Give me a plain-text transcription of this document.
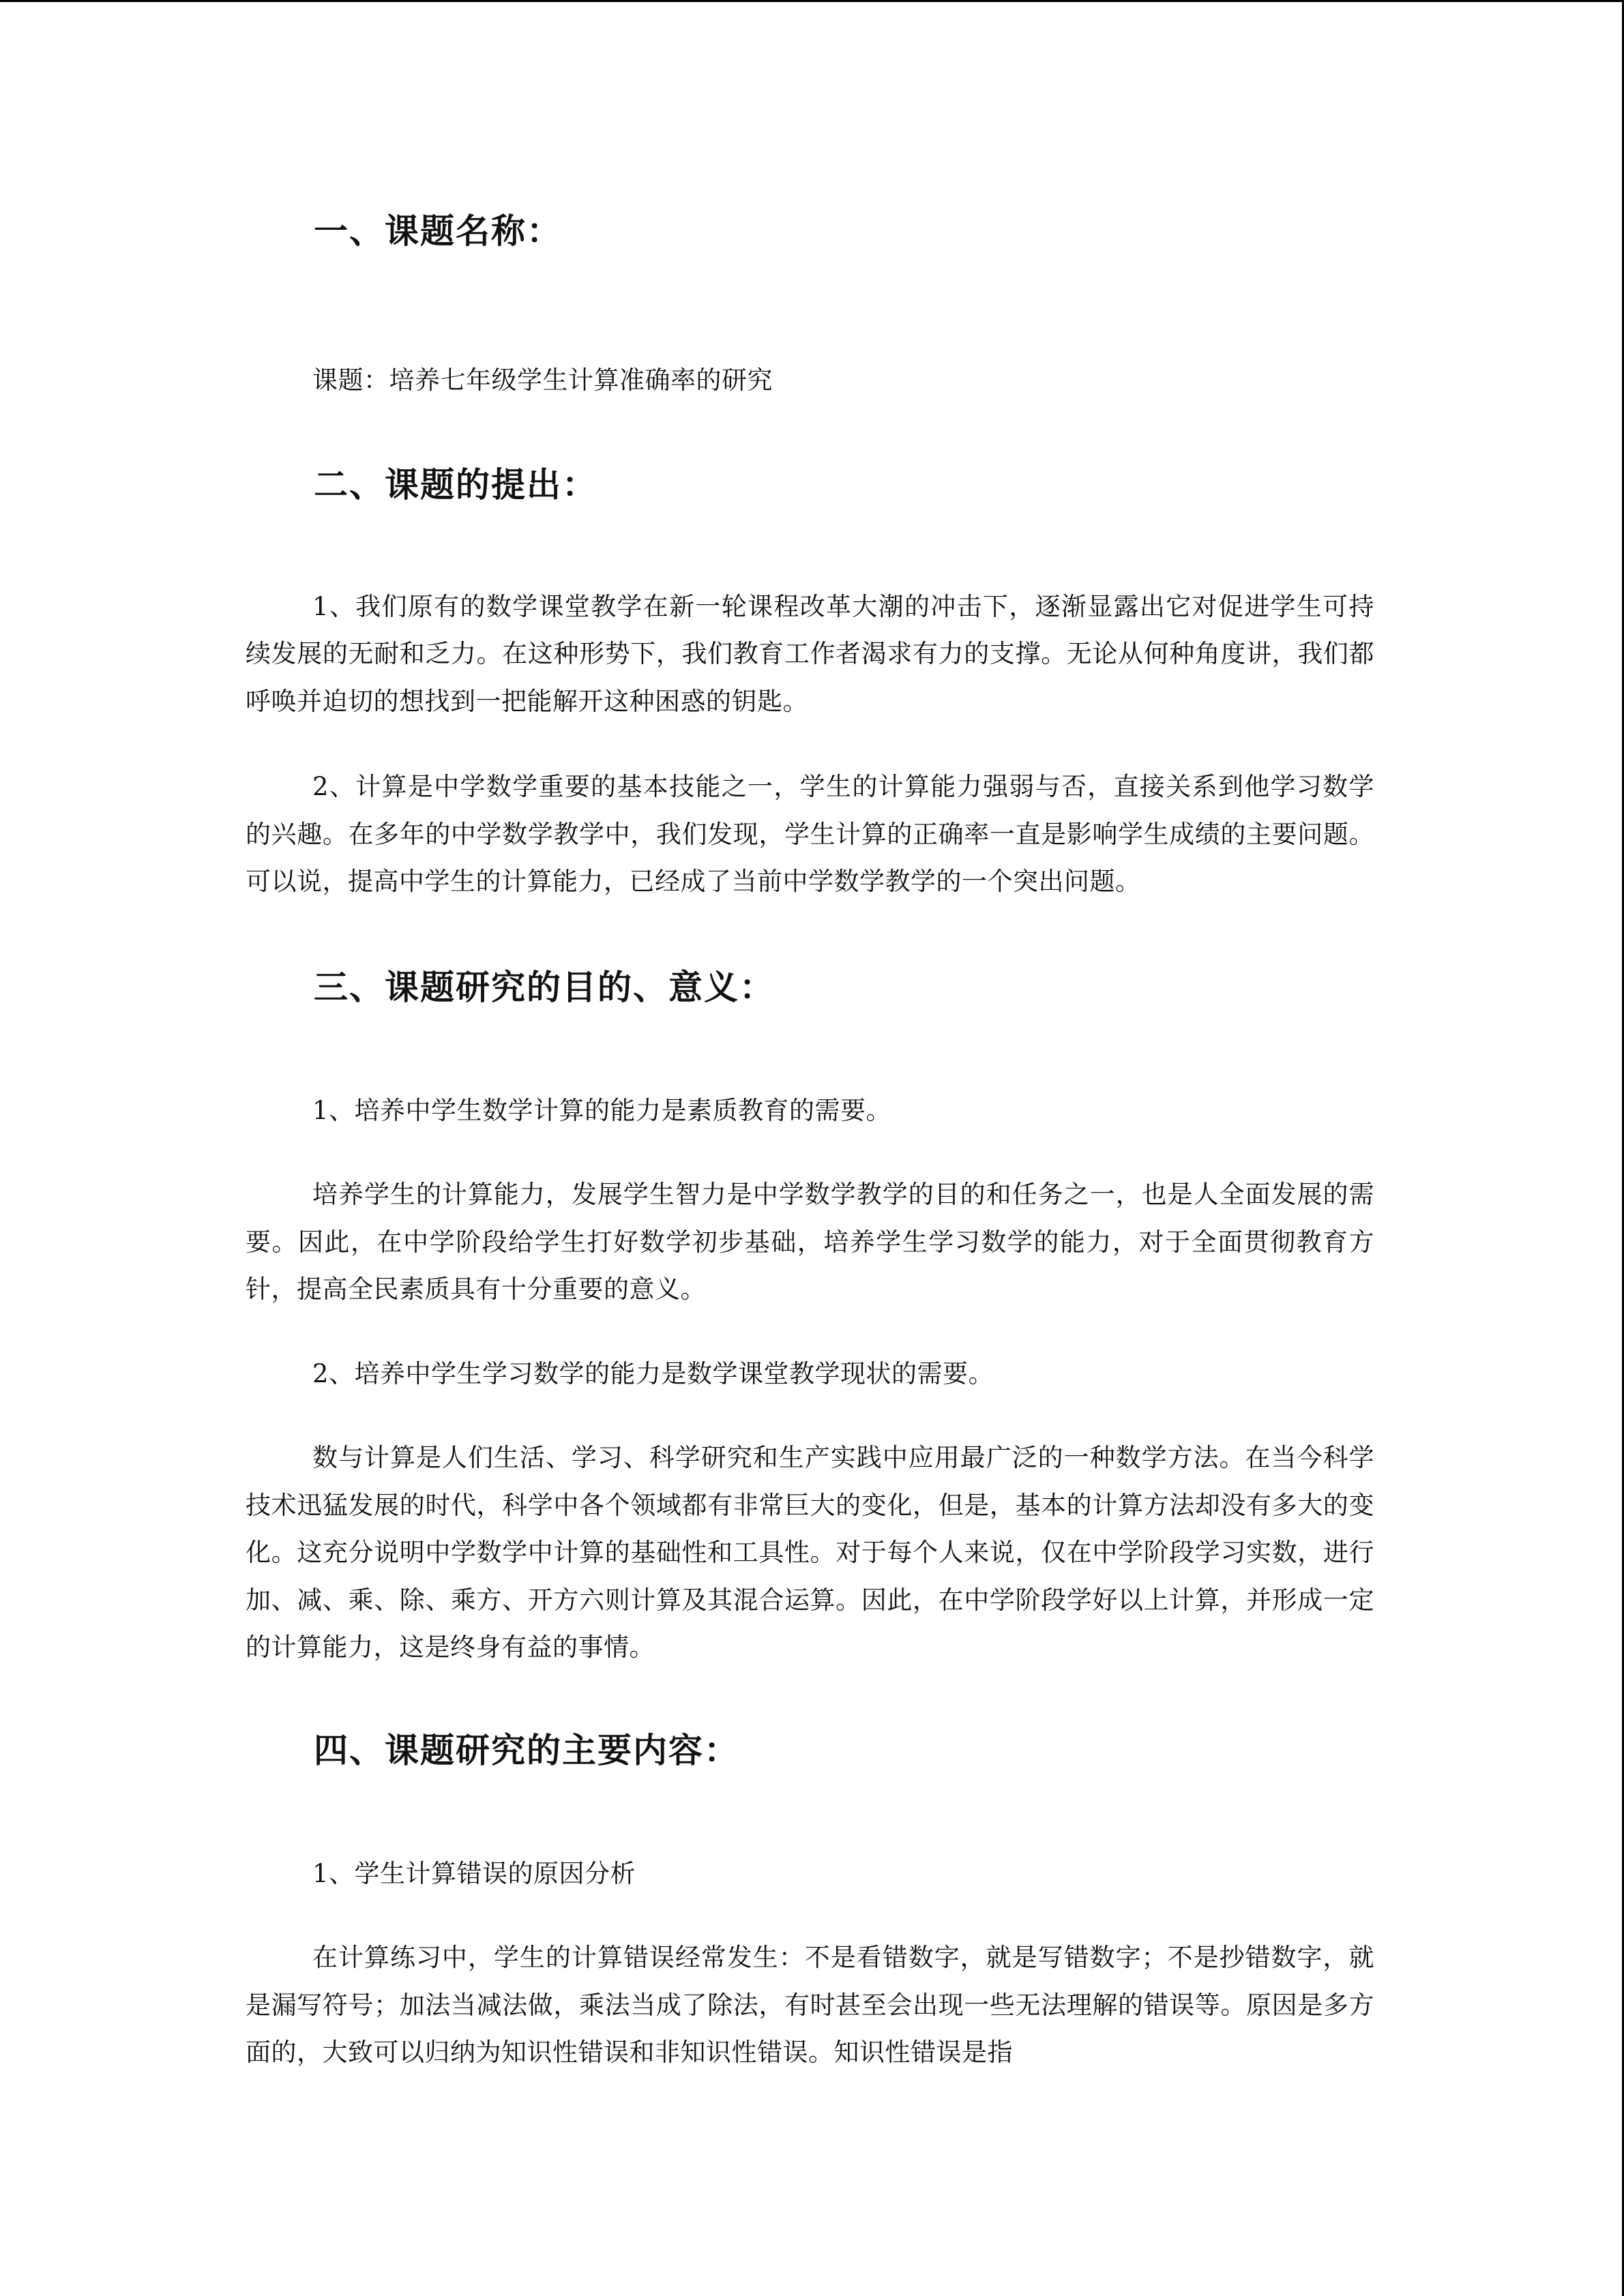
一、课题名称：

课题：培养七年级学生计算准确率的研究

二、课题的提出：

1、我们原有的数学课堂教学在新一轮课程改革大潮的冲击下，逐渐显露出它对促进学生可持续发展的无耐和乏力。在这种形势下，我们教育工作者渴求有力的支撑。无论从何种角度讲，我们都呼唤并迫切的想找到一把能解开这种困惑的钥匙。

2、计算是中学数学重要的基本技能之一，学生的计算能力强弱与否，直接关系到他学习数学的兴趣。在多年的中学数学教学中，我们发现，学生计算的正确率一直是影响学生成绩的主要问题。可以说，提高中学生的计算能力，已经成了当前中学数学教学的一个突出问题。

三、课题研究的目的、意义：

1、培养中学生数学计算的能力是素质教育的需要。

培养学生的计算能力，发展学生智力是中学数学教学的目的和任务之一，也是人全面发展的需要。因此，在中学阶段给学生打好数学初步基础，培养学生学习数学的能力，对于全面贯彻教育方针，提高全民素质具有十分重要的意义。

2、培养中学生学习数学的能力是数学课堂教学现状的需要。

数与计算是人们生活、学习、科学研究和生产实践中应用最广泛的一种数学方法。在当今科学技术迅猛发展的时代，科学中各个领域都有非常巨大的变化，但是，基本的计算方法却没有多大的变化。这充分说明中学数学中计算的基础性和工具性。对于每个人来说，仅在中学阶段学习实数，进行加、减、乘、除、乘方、开方六则计算及其混合运算。因此，在中学阶段学好以上计算，并形成一定的计算能力，这是终身有益的事情。

四、课题研究的主要内容：

1、学生计算错误的原因分析

在计算练习中，学生的计算错误经常发生：不是看错数字，就是写错数字；不是抄错数字，就是漏写符号；加法当减法做，乘法当成了除法，有时甚至会出现一些无法理解的错误等。原因是多方面的，大致可以归纳为知识性错误和非知识性错误。知识性错误是指
